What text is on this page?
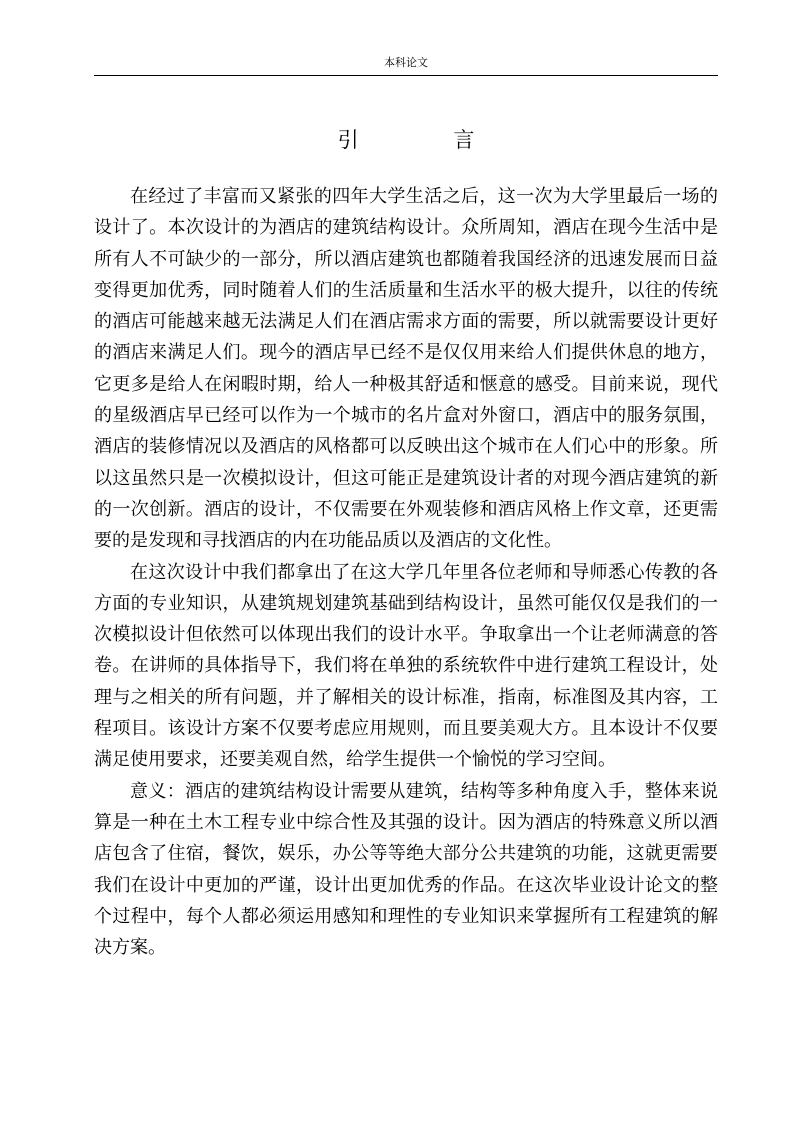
本科论文
引 言

在经过了丰富而又紧张的四年大学生活之后，这一次为大学里最后一场的设计了。本次设计的为酒店的建筑结构设计。众所周知，酒店在现今生活中是所有人不可缺少的一部分，所以酒店建筑也都随着我国经济的迅速发展而日益变得更加优秀，同时随着人们的生活质量和生活水平的极大提升，以往的传统的酒店可能越来越无法满足人们在酒店需求方面的需要，所以就需要设计更好的酒店来满足人们。现今的酒店早已经不是仅仅用来给人们提供休息的地方，它更多是给人在闲暇时期，给人一种极其舒适和惬意的感受。目前来说，现代的星级酒店早已经可以作为一个城市的名片盒对外窗口，酒店中的服务氛围，酒店的装修情况以及酒店的风格都可以反映出这个城市在人们心中的形象。所以这虽然只是一次模拟设计，但这可能正是建筑设计者的对现今酒店建筑的新的一次创新。酒店的设计，不仅需要在外观装修和酒店风格上作文章，还更需要的是发现和寻找酒店的内在功能品质以及酒店的文化性。

在这次设计中我们都拿出了在这大学几年里各位老师和导师悉心传教的各方面的专业知识，从建筑规划建筑基础到结构设计，虽然可能仅仅是我们的一次模拟设计但依然可以体现出我们的设计水平。争取拿出一个让老师满意的答卷。在讲师的具体指导下，我们将在单独的系统软件中进行建筑工程设计，处理与之相关的所有问题，并了解相关的设计标准，指南，标准图及其内容，工程项目。该设计方案不仅要考虑应用规则，而且要美观大方。且本设计不仅要满足使用要求，还要美观自然，给学生提供一个愉悦的学习空间。

意义：酒店的建筑结构设计需要从建筑，结构等多种角度入手，整体来说算是一种在土木工程专业中综合性及其强的设计。因为酒店的特殊意义所以酒店包含了住宿，餐饮，娱乐，办公等等绝大部分公共建筑的功能，这就更需要我们在设计中更加的严谨，设计出更加优秀的作品。在这次毕业设计论文的整个过程中，每个人都必须运用感知和理性的专业知识来掌握所有工程建筑的解决方案。
